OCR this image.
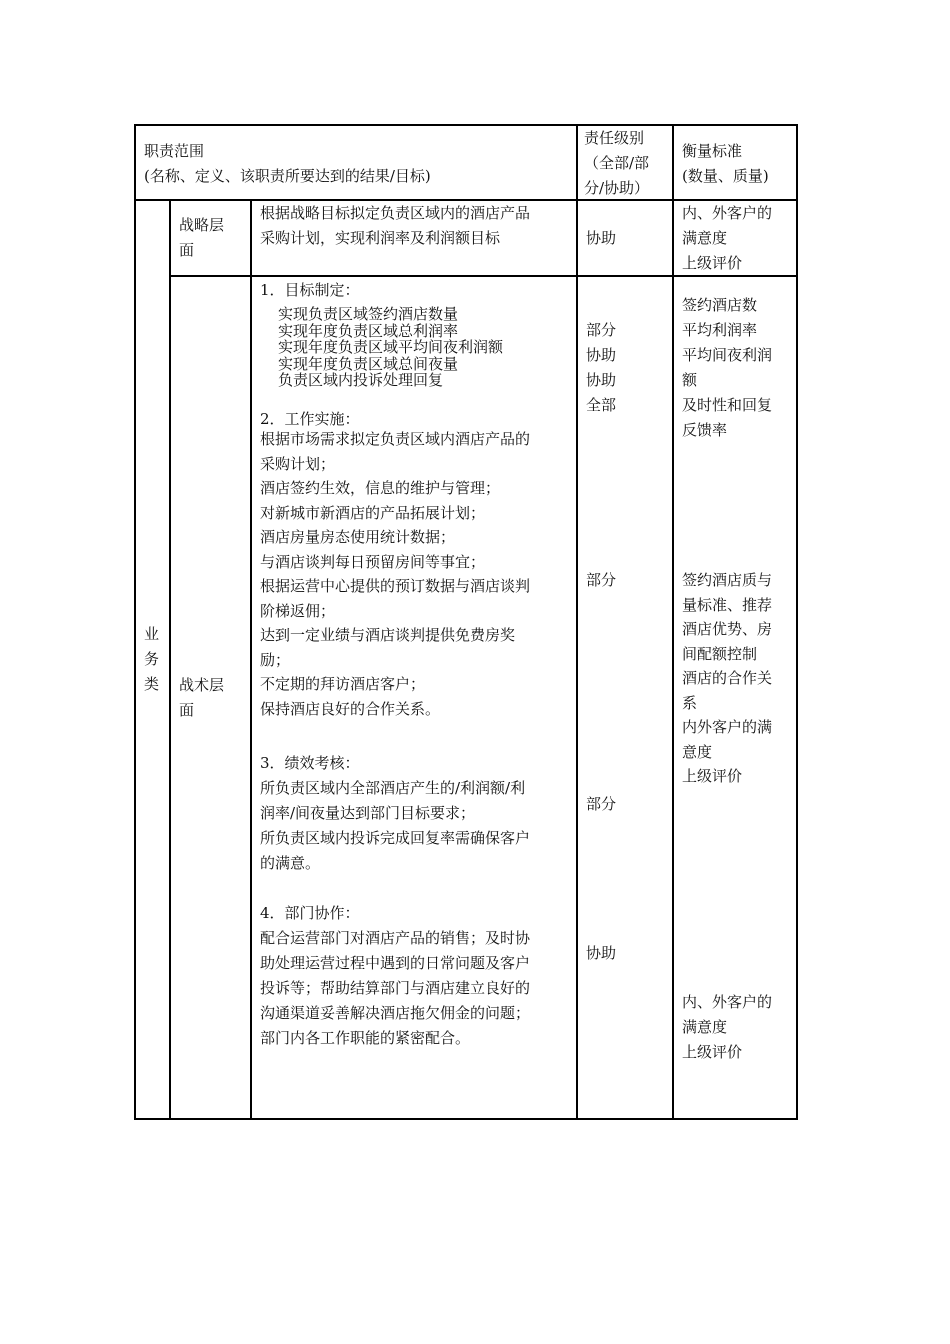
职责范围
(名称、定义、该职责所要达到的结果/目标)
责任级别
（全部/部
分/协助）
衡量标准
(数量、质量)
业
务
类
战略层
面
根据战略目标拟定负责区域内的酒店产品
采购计划，实现利润率及利润额目标	协助
内、外客户的
满意度
上级评价
战术层
面
1．目标制定：
实现负责区域签约酒店数量
实现年度负责区域总利润率
实现年度负责区域平均间夜利润额
实现年度负责区域总间夜量
负责区域内投诉处理回复
2．工作实施：
根据市场需求拟定负责区域内酒店产品的
采购计划；
酒店签约生效，信息的维护与管理；
对新城市新酒店的产品拓展计划；
酒店房量房态使用统计数据；
与酒店谈判每日预留房间等事宜；
根据运营中心提供的预订数据与酒店谈判
阶梯返佣；
达到一定业绩与酒店谈判提供免费房奖
励；
不定期的拜访酒店客户；
保持酒店良好的合作关系。
3．绩效考核：
所负责区域内全部酒店产生的/利润额/利
润率/间夜量达到部门目标要求；
所负责区域内投诉完成回复率需确保客户
的满意。
4．部门协作：
配合运营部门对酒店产品的销售；及时协
助处理运营过程中遇到的日常问题及客户
投诉等；帮助结算部门与酒店建立良好的
沟通渠道妥善解决酒店拖欠佣金的问题；
部门内各工作职能的紧密配合。
部分
协助
协助
全部
部分
部分
协助
签约酒店数
平均利润率
平均间夜利润
额
及时性和回复
反馈率
签约酒店质与
量标准、推荐
酒店优势、房
间配额控制
酒店的合作关
系
内外客户的满
意度
上级评价
内、外客户的
满意度
上级评价
